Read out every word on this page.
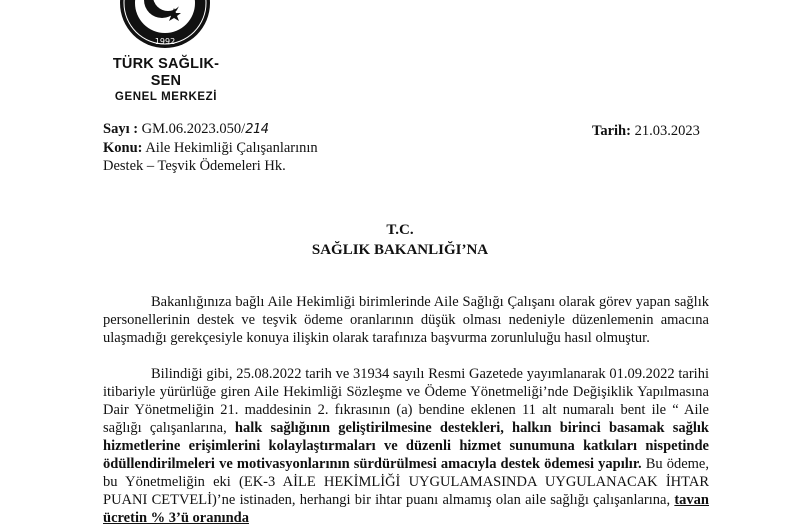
1992
TÜRK SAĞLIK-SEN
GENEL MERKEZİ
Sayı : GM.06.2023.050/214	Tarih: 21.03.2023
Konu: Aile Hekimliği Çalışanlarının
Destek – Teşvik Ödemeleri Hk.
T.C.
SAĞLIK BAKANLIĞI’NA

Bakanlığınıza bağlı Aile Hekimliği birimlerinde Aile Sağlığı Çalışanı olarak görev yapan sağlık personellerinin destek ve teşvik ödeme oranlarının düşük olması nedeniyle düzenlemenin amacına ulaşmadığı gerekçesiyle konuya ilişkin olarak tarafınıza başvurma zorunluluğu hasıl olmuştur.

Bilindiği gibi, 25.08.2022 tarih ve 31934 sayılı Resmi Gazetede yayımlanarak 01.09.2022 tarihi itibariyle yürürlüğe giren Aile Hekimliği Sözleşme ve Ödeme Yönetmeliği’nde Değişiklik Yapılmasına Dair Yönetmeliğin 21. maddesinin 2. fıkrasının (a) bendine eklenen 11 alt numaralı bent ile “ Aile sağlığı çalışanlarına, halk sağlığının geliştirilmesine destekleri, halkın birinci basamak sağlık hizmetlerine erişimlerini kolaylaştırmaları ve düzenli hizmet sunumuna katkıları nispetinde ödüllendirilmeleri ve motivasyonlarının sürdürülmesi amacıyla destek ödemesi yapılır. Bu ödeme, bu Yönetmeliğin eki (EK-3 AİLE HEKİMLİĞİ UYGULAMASINDA UYGULANACAK İHTAR PUANI CETVELİ)’ne istinaden, herhangi bir ihtar puanı almamış olan aile sağlığı çalışanlarına, tavan ücretin % 3’ü oranında
